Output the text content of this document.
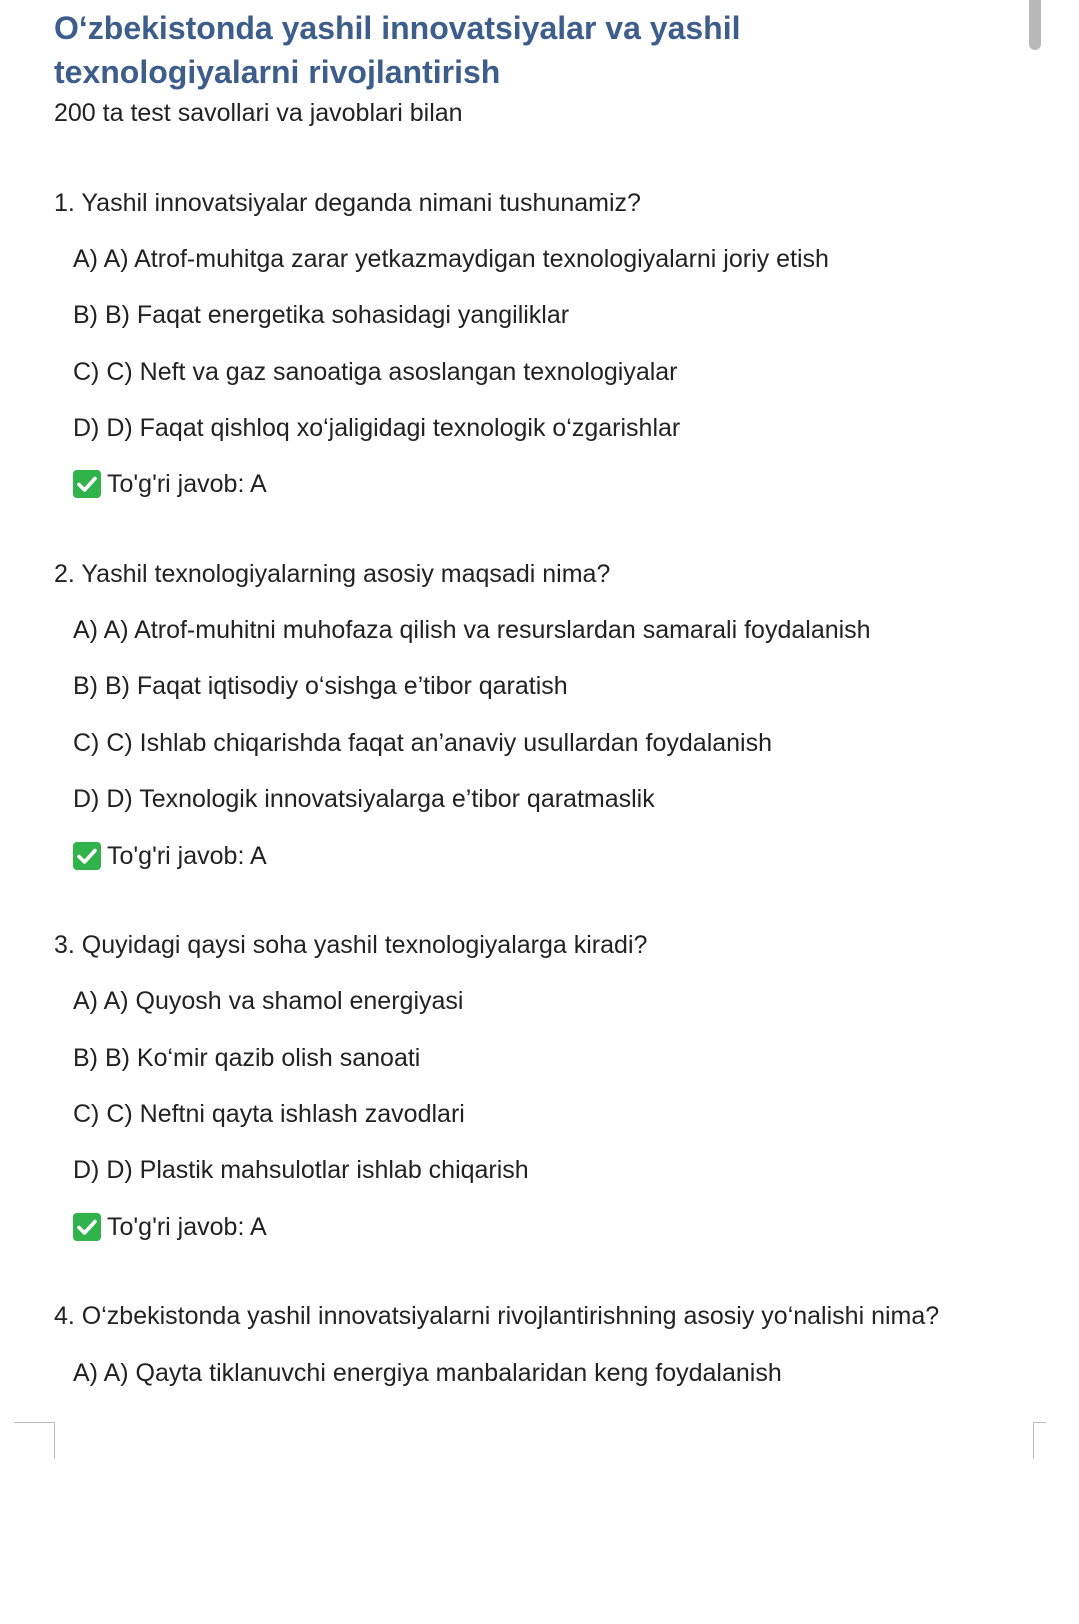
O‘zbekistonda yashil innovatsiyalar va yashil texnologiyalarni rivojlantirish

200 ta test savollari va javoblari bilan

1. Yashil innovatsiyalar deganda nimani tushunamiz?
A) A) Atrof-muhitga zarar yetkazmaydigan texnologiyalarni joriy etish
B) B) Faqat energetika sohasidagi yangiliklar
C) C) Neft va gaz sanoatiga asoslangan texnologiyalar
D) D) Faqat qishloq xo‘jaligidagi texnologik o‘zgarishlar
To'g'ri javob: A
2. Yashil texnologiyalarning asosiy maqsadi nima?
A) A) Atrof-muhitni muhofaza qilish va resurslardan samarali foydalanish
B) B) Faqat iqtisodiy o‘sishga e’tibor qaratish
C) C) Ishlab chiqarishda faqat an’anaviy usullardan foydalanish
D) D) Texnologik innovatsiyalarga e’tibor qaratmaslik
To'g'ri javob: A
3. Quyidagi qaysi soha yashil texnologiyalarga kiradi?
A) A) Quyosh va shamol energiyasi
B) B) Ko‘mir qazib olish sanoati
C) C) Neftni qayta ishlash zavodlari
D) D) Plastik mahsulotlar ishlab chiqarish
To'g'ri javob: A
4. O‘zbekistonda yashil innovatsiyalarni rivojlantirishning asosiy yo‘nalishi nima?
A) A) Qayta tiklanuvchi energiya manbalaridan keng foydalanish
